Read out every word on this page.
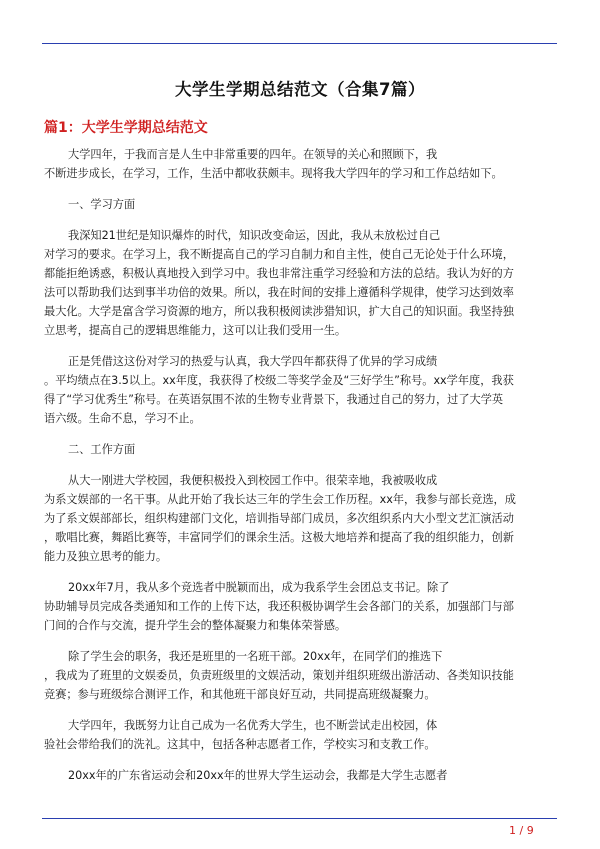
大学生学期总结范文（合集7篇）
篇1：大学生学期总结范文
大学四年，于我而言是人生中非常重要的四年。在领导的关心和照顾下，我
不断进步成长，在学习，工作，生活中都收获颇丰。现将我大学四年的学习和工作总结如下。
一、学习方面
我深知21世纪是知识爆炸的时代，知识改变命运，因此，我从未放松过自己
对学习的要求。在学习上，我不断提高自己的学习自制力和自主性，使自己无论处于什么环境，
都能拒绝诱惑，积极认真地投入到学习中。我也非常注重学习经验和方法的总结。我认为好的方
法可以帮助我们达到事半功倍的效果。所以，我在时间的安排上遵循科学规律，使学习达到效率
最大化。大学是富含学习资源的地方，所以我积极阅读涉猎知识，扩大自己的知识面。我坚持独
立思考，提高自己的逻辑思维能力，这可以让我们受用一生。
正是凭借这这份对学习的热爱与认真，我大学四年都获得了优异的学习成绩
。平均绩点在3.5以上。xx年度，我获得了校级二等奖学金及“三好学生”称号。xx学年度，我获
得了“学习优秀生”称号。在英语氛围不浓的生物专业背景下，我通过自己的努力，过了大学英
语六级。生命不息，学习不止。
二、工作方面
从大一刚进大学校园，我便积极投入到校园工作中。很荣幸地，我被吸收成
为系文娱部的一名干事。从此开始了我长达三年的学生会工作历程。xx年，我参与部长竞选，成
为了系文娱部部长，组织构建部门文化，培训指导部门成员，多次组织系内大小型文艺汇演活动
，歌唱比赛，舞蹈比赛等，丰富同学们的课余生活。这极大地培养和提高了我的组织能力，创新
能力及独立思考的能力。
20xx年7月，我从多个竞选者中脱颖而出，成为我系学生会团总支书记。除了
协助辅导员完成各类通知和工作的上传下达，我还积极协调学生会各部门的关系，加强部门与部
门间的合作与交流，提升学生会的整体凝聚力和集体荣誉感。
除了学生会的职务，我还是班里的一名班干部。20xx年，在同学们的推选下
，我成为了班里的文娱委员，负责班级里的文娱活动，策划并组织班级出游活动、各类知识技能
竞赛；参与班级综合测评工作，和其他班干部良好互动，共同提高班级凝聚力。
大学四年，我既努力让自己成为一名优秀大学生，也不断尝试走出校园，体
验社会带给我们的洗礼。这其中，包括各种志愿者工作，学校实习和支教工作。
20xx年的广东省运动会和20xx年的世界大学生运动会，我都是大学生志愿者
1 / 9
